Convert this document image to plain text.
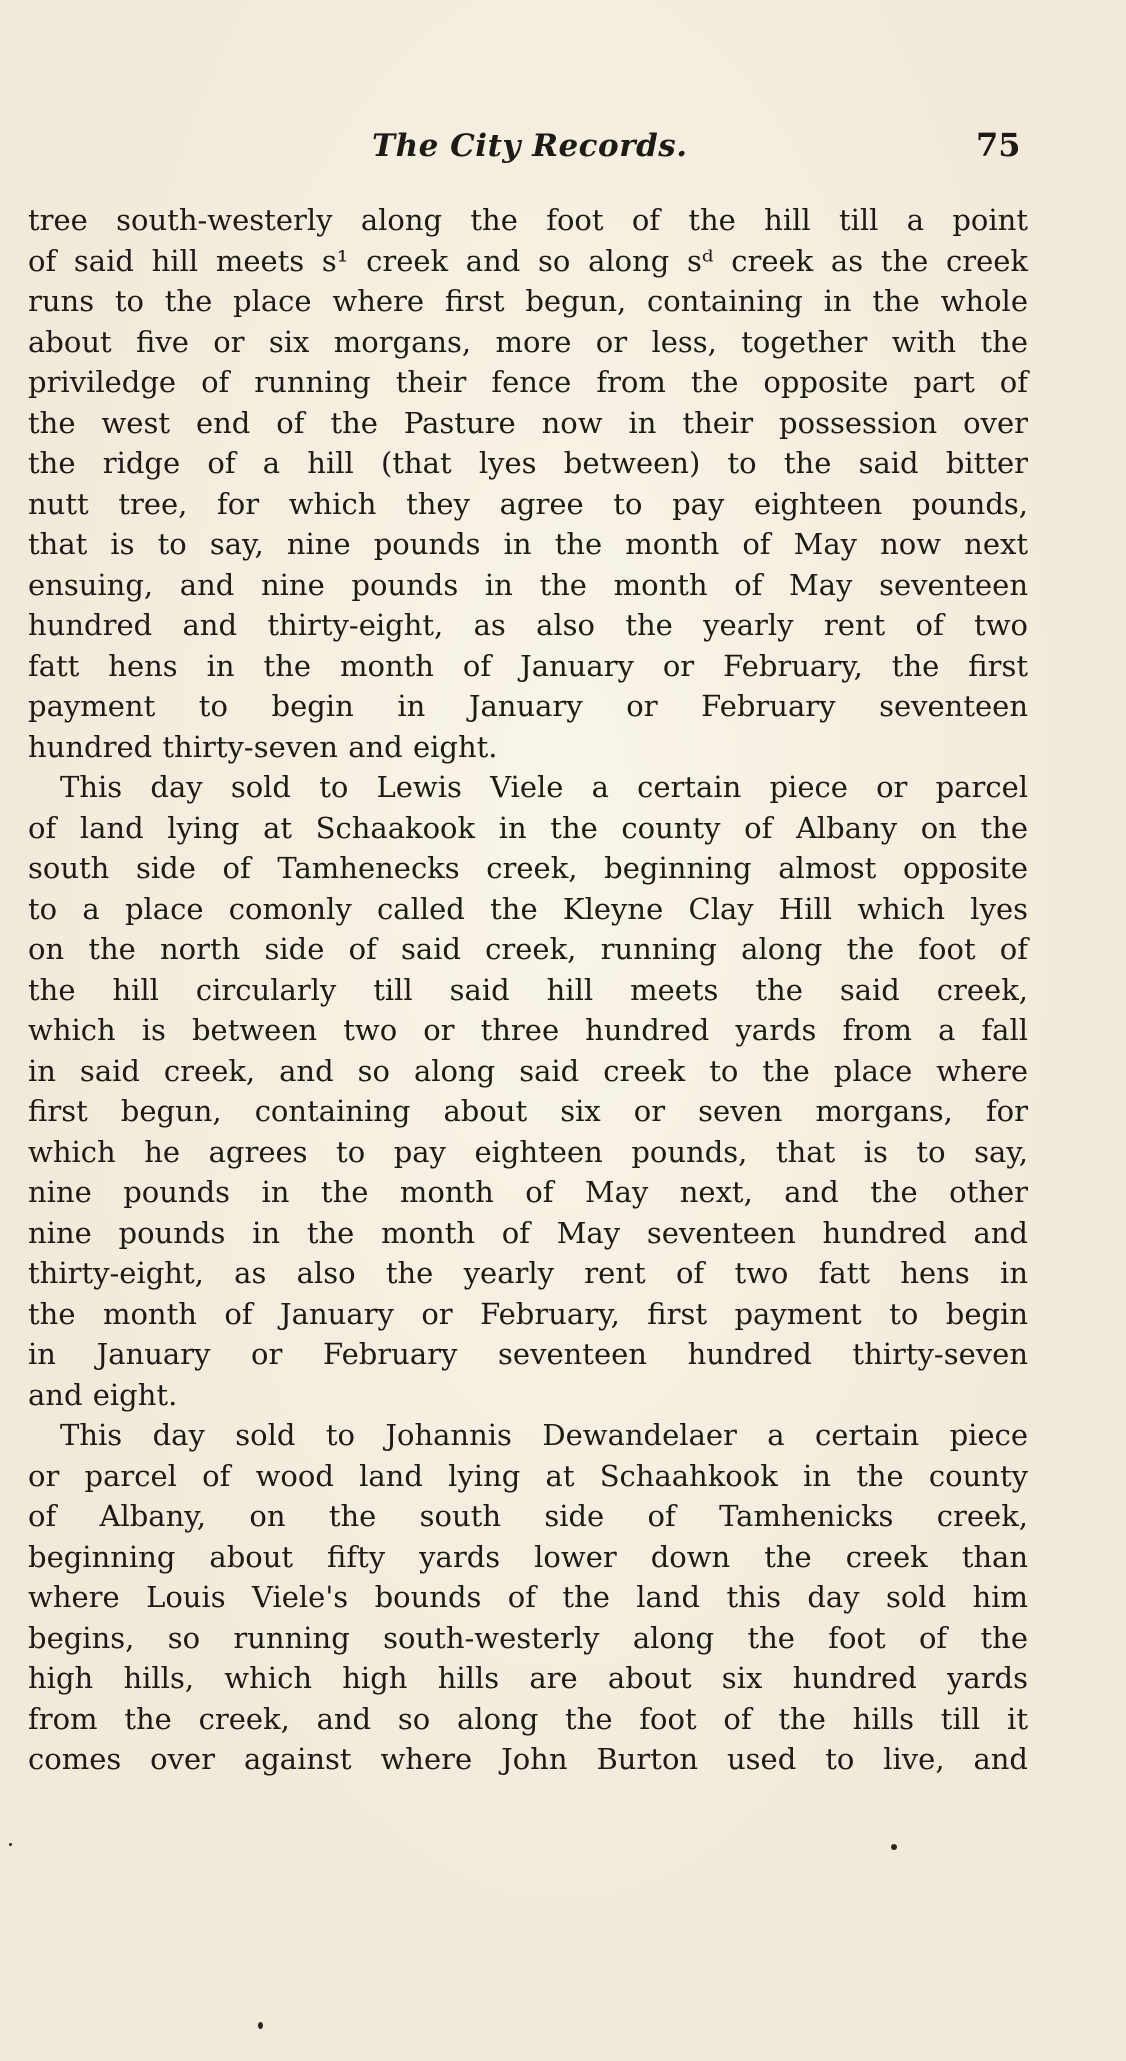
The City Records.	75
tree south-westerly along the foot of the hill till a point
of said hill meets s¹ creek and so along sᵈ creek as the creek
runs to the place where first begun, containing in the whole
about five or six morgans, more or less, together with the
priviledge of running their fence from the opposite part of
the west end of the Pasture now in their possession over
the ridge of a hill (that lyes between) to the said bitter
nutt tree, for which they agree to pay eighteen pounds,
that is to say, nine pounds in the month of May now next
ensuing, and nine pounds in the month of May seventeen
hundred and thirty-eight, as also the yearly rent of two
fatt hens in the month of January or February, the first
payment to begin in January or February seventeen
hundred thirty-seven and eight.
This day sold to Lewis Viele a certain piece or parcel
of land lying at Schaakook in the county of Albany on the
south side of Tamhenecks creek, beginning almost opposite
to a place comonly called the Kleyne Clay Hill which lyes
on the north side of said creek, running along the foot of
the hill circularly till said hill meets the said creek,
which is between two or three hundred yards from a fall
in said creek, and so along said creek to the place where
first begun, containing about six or seven morgans, for
which he agrees to pay eighteen pounds, that is to say,
nine pounds in the month of May next, and the other
nine pounds in the month of May seventeen hundred and
thirty-eight, as also the yearly rent of two fatt hens in
the month of January or February, first payment to begin
in January or February seventeen hundred thirty-seven
and eight.
This day sold to Johannis Dewandelaer a certain piece
or parcel of wood land lying at Schaahkook in the county
of Albany, on the south side of Tamhenicks creek,
beginning about fifty yards lower down the creek than
where Louis Viele's bounds of the land this day sold him
begins, so running south-westerly along the foot of the
high hills, which high hills are about six hundred yards
from the creek, and so along the foot of the hills till it
comes over against where John Burton used to live, and
